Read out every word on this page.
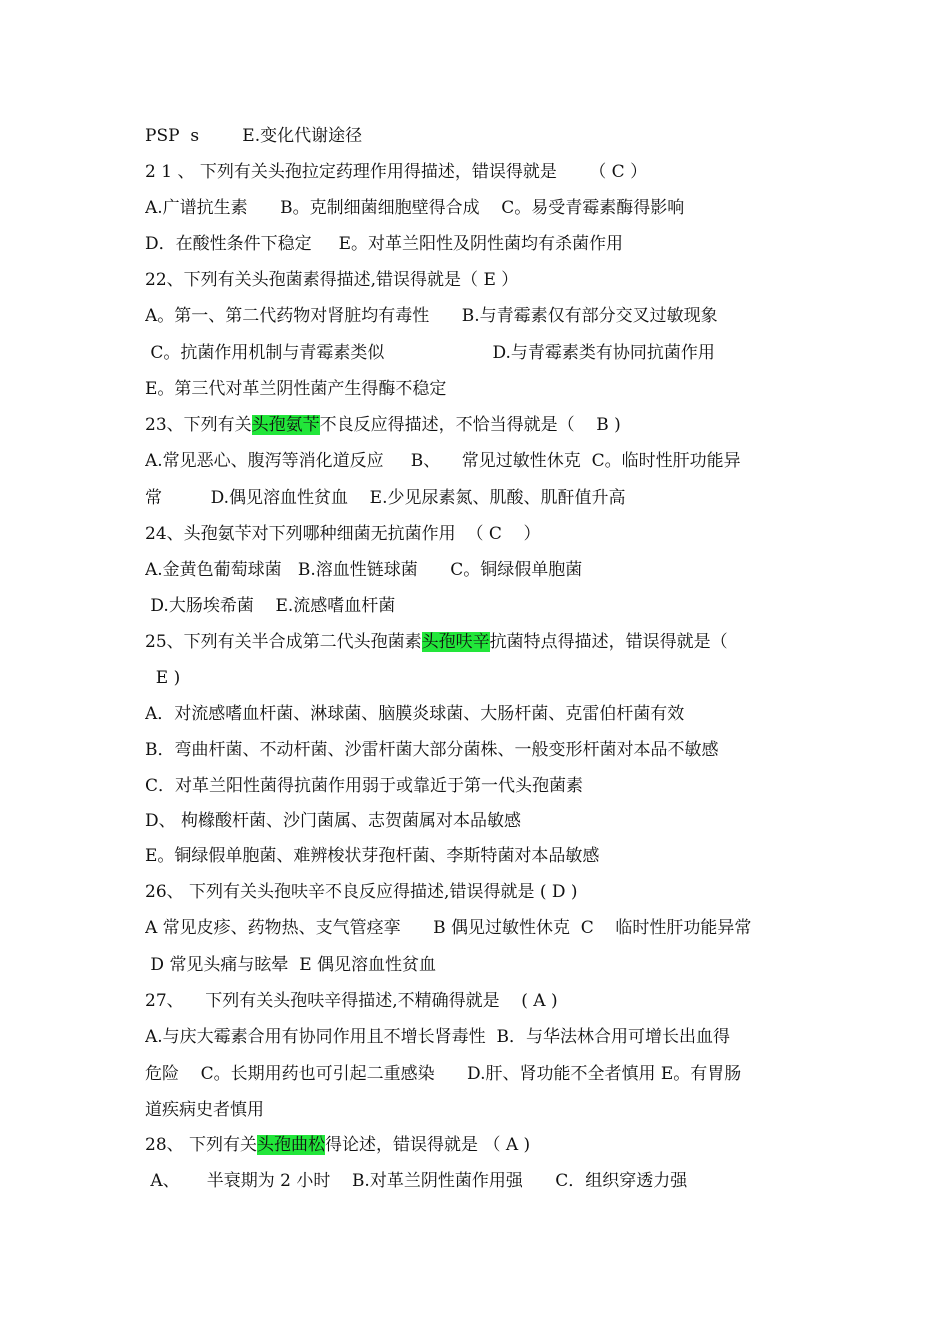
PSP  s        E.变化代谢途径
2 1 、 下列有关头孢拉定药理作用得描述，错误得就是      （ C ）
A.广谱抗生素      B。克制细菌细胞壁得合成    C。易受青霉素酶得影响
D．在酸性条件下稳定     E。对革兰阳性及阴性菌均有杀菌作用
22、下列有关头孢菌素得描述,错误得就是（ E ）
A。第一、第二代药物对肾脏均有毒性      B.与青霉素仅有部分交叉过敏现象
C。抗菌作用机制与青霉素类似                    D.与青霉素类有协同抗菌作用
E。第三代对革兰阴性菌产生得酶不稳定
23、下列有关头孢氨苄不良反应得描述，不恰当得就是（    B )
A.常见恶心、腹泻等消化道反应     B、    常见过敏性休克  C。临时性肝功能异
常         D.偶见溶血性贫血    E.少见尿素氮、肌酸、肌酐值升高
24、头孢氨苄对下列哪种细菌无抗菌作用  （ C    ）
A.金黄色葡萄球菌   B.溶血性链球菌      C。铜绿假单胞菌
D.大肠埃希菌    E.流感嗜血杆菌
25、下列有关半合成第二代头孢菌素头孢呋辛抗菌特点得描述，错误得就是（
E )
A．对流感嗜血杆菌、淋球菌、脑膜炎球菌、大肠杆菌、克雷伯杆菌有效
B．弯曲杆菌、不动杆菌、沙雷杆菌大部分菌株、一般变形杆菌对本品不敏感
C．对革兰阳性菌得抗菌作用弱于或靠近于第一代头孢菌素
D、 枸橼酸杆菌、沙门菌属、志贺菌属对本品敏感
E。铜绿假单胞菌、难辨梭状芽孢杆菌、李斯特菌对本品敏感
26、 下列有关头孢呋辛不良反应得描述,错误得就是 ( D )
A 常见皮疹、药物热、支气管痉挛      B 偶见过敏性休克  C    临时性肝功能异常
D 常见头痛与眩晕  E 偶见溶血性贫血
27、    下列有关头孢呋辛得描述,不精确得就是    ( A )
A.与庆大霉素合用有协同作用且不增长肾毒性  B．与华法林合用可增长出血得
危险    C。长期用药也可引起二重感染      D.肝、肾功能不全者慎用 E。有胃肠
道疾病史者慎用
28、 下列有关头孢曲松得论述，错误得就是 （ A )
A、     半衰期为 2 小时    B.对革兰阴性菌作用强      C．组织穿透力强
